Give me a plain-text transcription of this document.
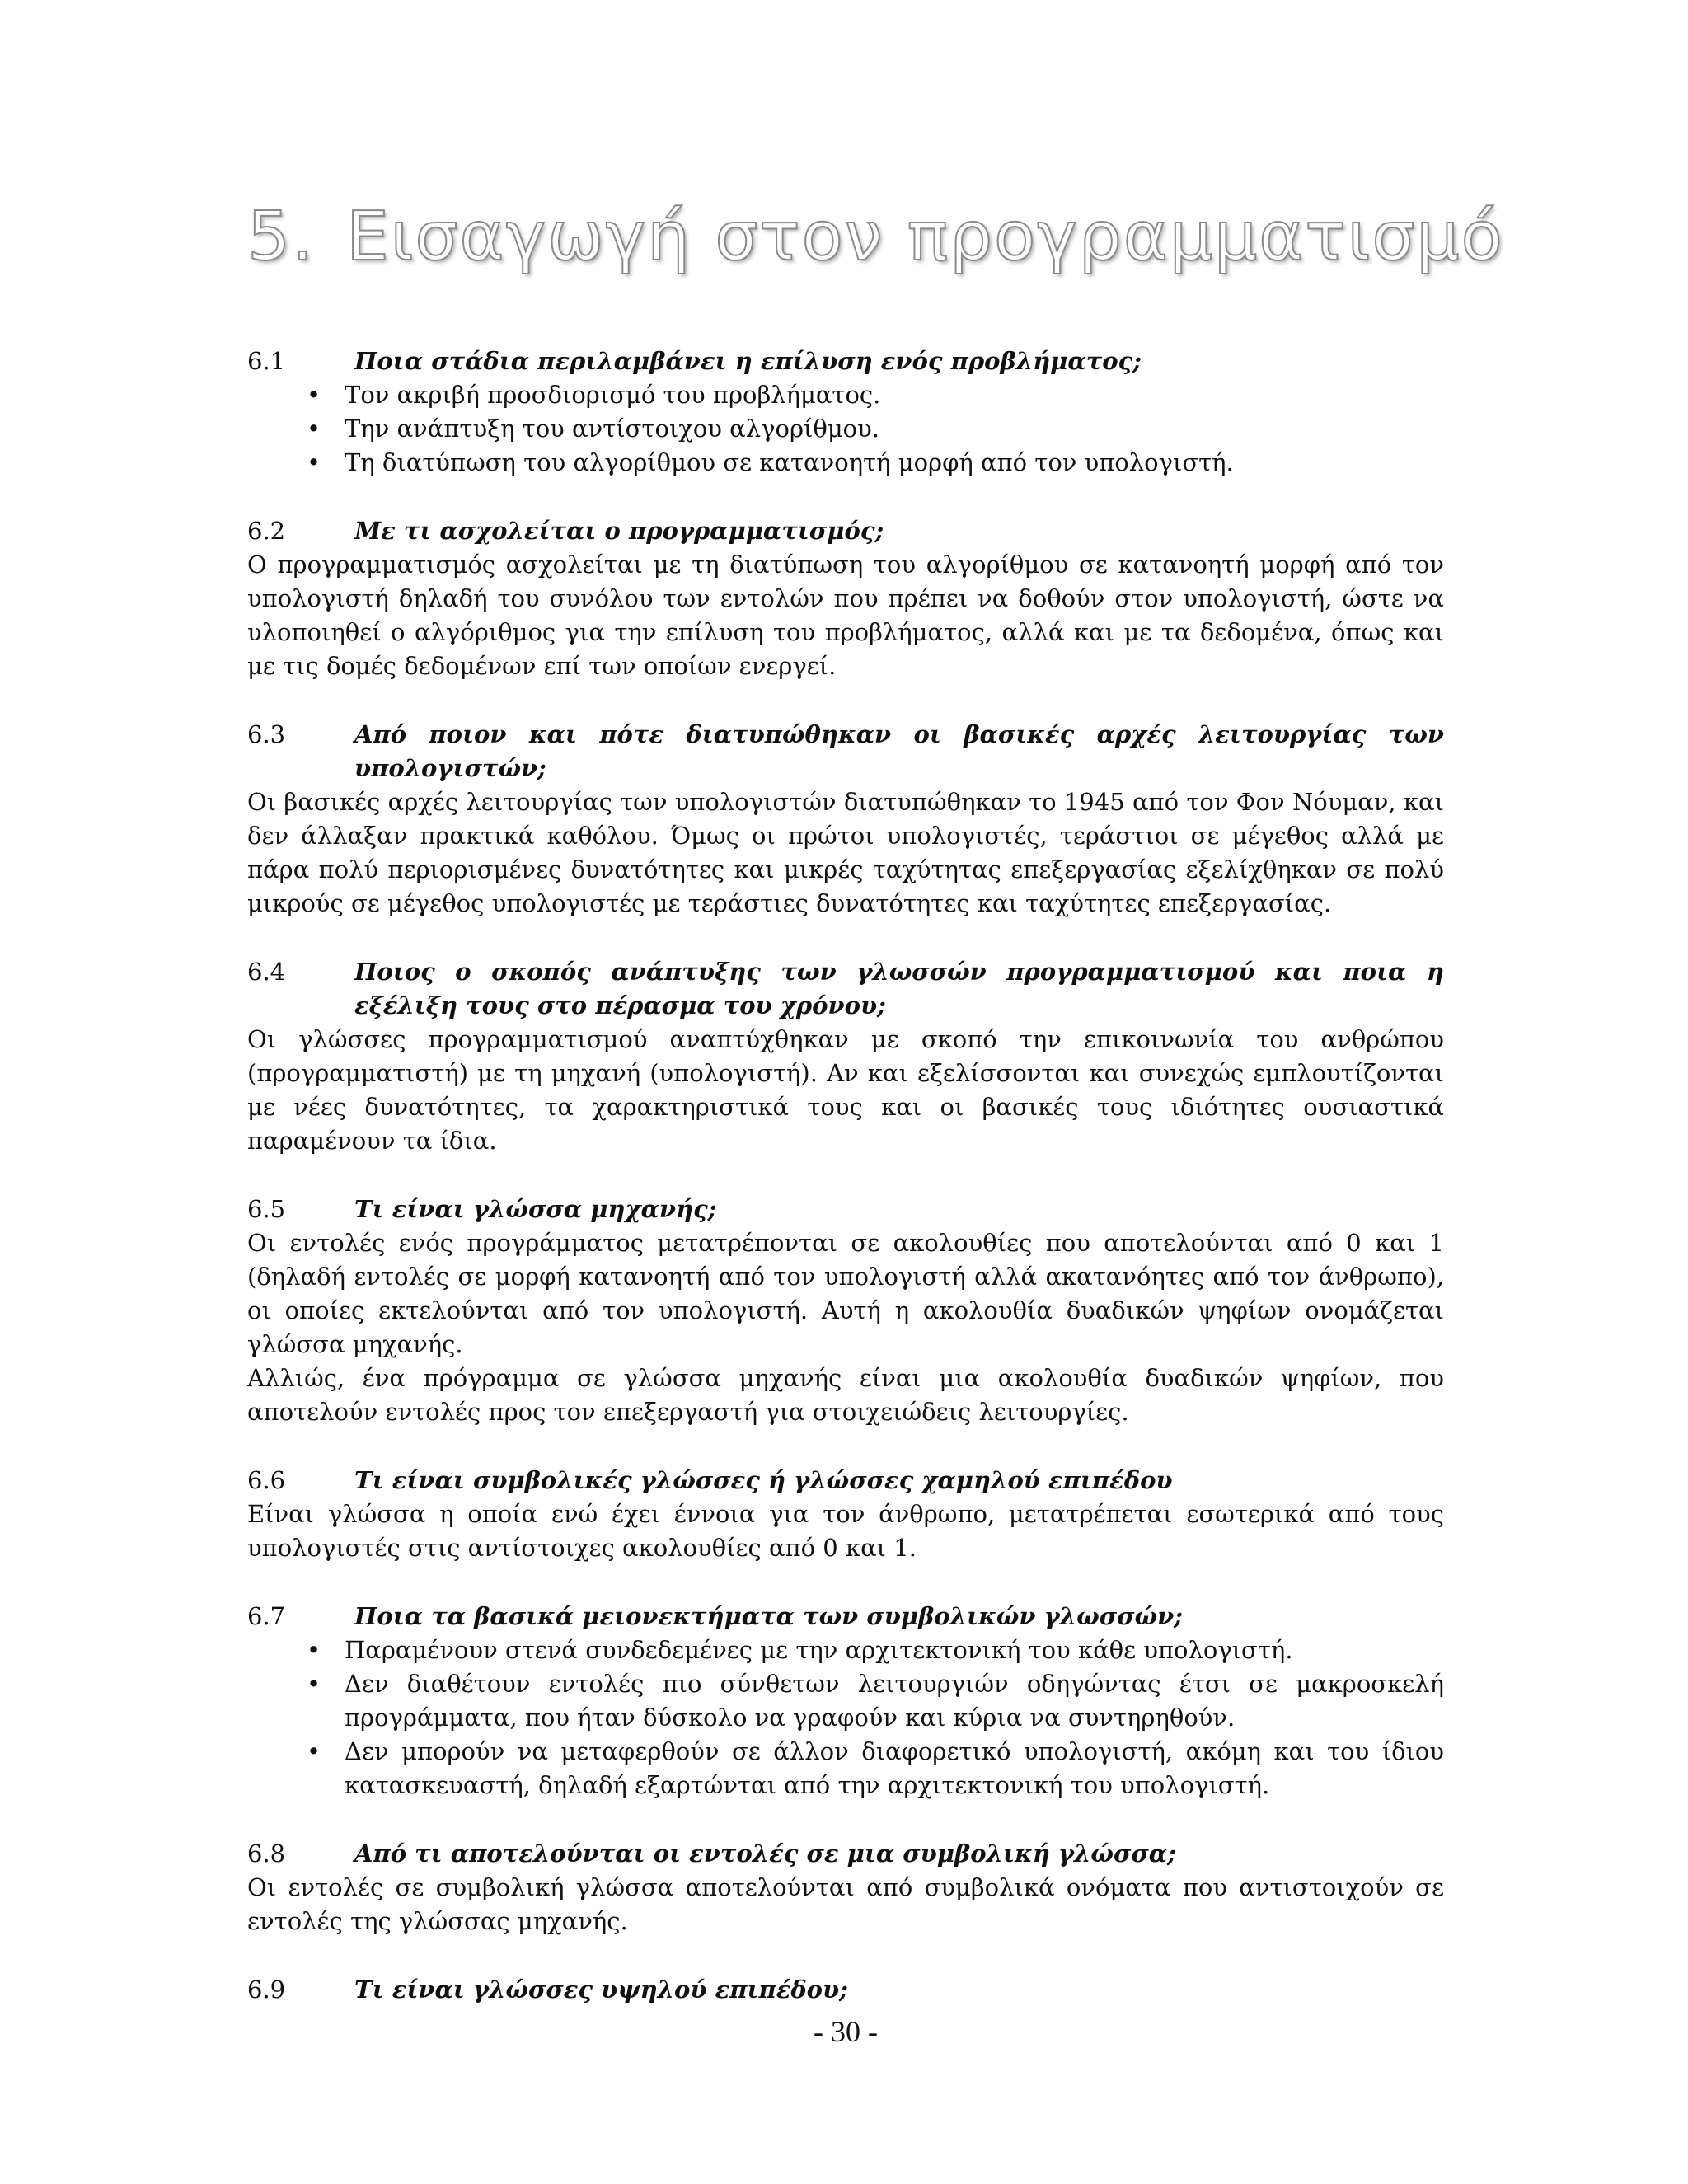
5. Εισαγωγή στον προγραμματισμό
6.1	Ποια στάδια περιλαμβάνει η επίλυση ενός προβλήματος;
• Τον ακριβή προσδιορισμό του προβλήματος.
• Την ανάπτυξη του αντίστοιχου αλγορίθμου.
• Τη διατύπωση του αλγορίθμου σε κατανοητή μορφή από τον υπολογιστή.
6.2	Με τι ασχολείται ο προγραμματισμός;

Ο προγραμματισμός ασχολείται με τη διατύπωση του αλγορίθμου σε κατανοητή μορφή από τον υπολογιστή δηλαδή του συνόλου των εντολών που πρέπει να δοθούν στον υπολογιστή, ώστε να υλοποιηθεί ο αλγόριθμος για την επίλυση του προβλήματος, αλλά και με τα δεδομένα, όπως και με τις δομές δεδομένων επί των οποίων ενεργεί.

6.3	Από ποιον και πότε διατυπώθηκαν οι βασικές αρχές λειτουργίας των υπολογιστών;

Οι βασικές αρχές λειτουργίας των υπολογιστών διατυπώθηκαν το 1945 από τον Φον Νόυμαν, και δεν άλλαξαν πρακτικά καθόλου. Όμως οι πρώτοι υπολογιστές, τεράστιοι σε μέγεθος αλλά με πάρα πολύ περιορισμένες δυνατότητες και μικρές ταχύτητας επεξεργασίας εξελίχθηκαν σε πολύ μικρούς σε μέγεθος υπολογιστές με τεράστιες δυνατότητες και ταχύτητες επεξεργασίας.

6.4	Ποιος ο σκοπός ανάπτυξης των γλωσσών προγραμματισμού και ποια η εξέλιξη τους στο πέρασμα του χρόνου;

Οι γλώσσες προγραμματισμού αναπτύχθηκαν με σκοπό την επικοινωνία του ανθρώπου (προγραμματιστή) με τη μηχανή (υπολογιστή). Αν και εξελίσσονται και συνεχώς εμπλουτίζονται με νέες δυνατότητες, τα χαρακτηριστικά τους και οι βασικές τους ιδιότητες ουσιαστικά παραμένουν τα ίδια.

6.5	Τι είναι γλώσσα μηχανής;

Οι εντολές ενός προγράμματος μετατρέπονται σε ακολουθίες που αποτελούνται από 0 και 1 (δηλαδή εντολές σε μορφή κατανοητή από τον υπολογιστή αλλά ακατανόητες από τον άνθρωπο), οι οποίες εκτελούνται από τον υπολογιστή. Αυτή η ακολουθία δυαδικών ψηφίων ονομάζεται γλώσσα μηχανής.

Αλλιώς, ένα πρόγραμμα σε γλώσσα μηχανής είναι μια ακολουθία δυαδικών ψηφίων, που αποτελούν εντολές προς τον επεξεργαστή για στοιχειώδεις λειτουργίες.

6.6	Τι είναι συμβολικές γλώσσες ή γλώσσες χαμηλού επιπέδου

Είναι γλώσσα η οποία ενώ έχει έννοια για τον άνθρωπο, μετατρέπεται εσωτερικά από τους υπολογιστές στις αντίστοιχες ακολουθίες από 0 και 1.

6.7	Ποια τα βασικά μειονεκτήματα των συμβολικών γλωσσών;
• Παραμένουν στενά συνδεδεμένες με την αρχιτεκτονική του κάθε υπολογιστή.
• Δεν διαθέτουν εντολές πιο σύνθετων λειτουργιών οδηγώντας έτσι σε μακροσκελή προγράμματα, που ήταν δύσκολο να γραφούν και κύρια να συντηρηθούν.
• Δεν μπορούν να μεταφερθούν σε άλλον διαφορετικό υπολογιστή, ακόμη και του ίδιου κατασκευαστή, δηλαδή εξαρτώνται από την αρχιτεκτονική του υπολογιστή.
6.8	Από τι αποτελούνται οι εντολές σε μια συμβολική γλώσσα;

Οι εντολές σε συμβολική γλώσσα αποτελούνται από συμβολικά ονόματα που αντιστοιχούν σε εντολές της γλώσσας μηχανής.

6.9	Τι είναι γλώσσες υψηλού επιπέδου;
- 30 -
